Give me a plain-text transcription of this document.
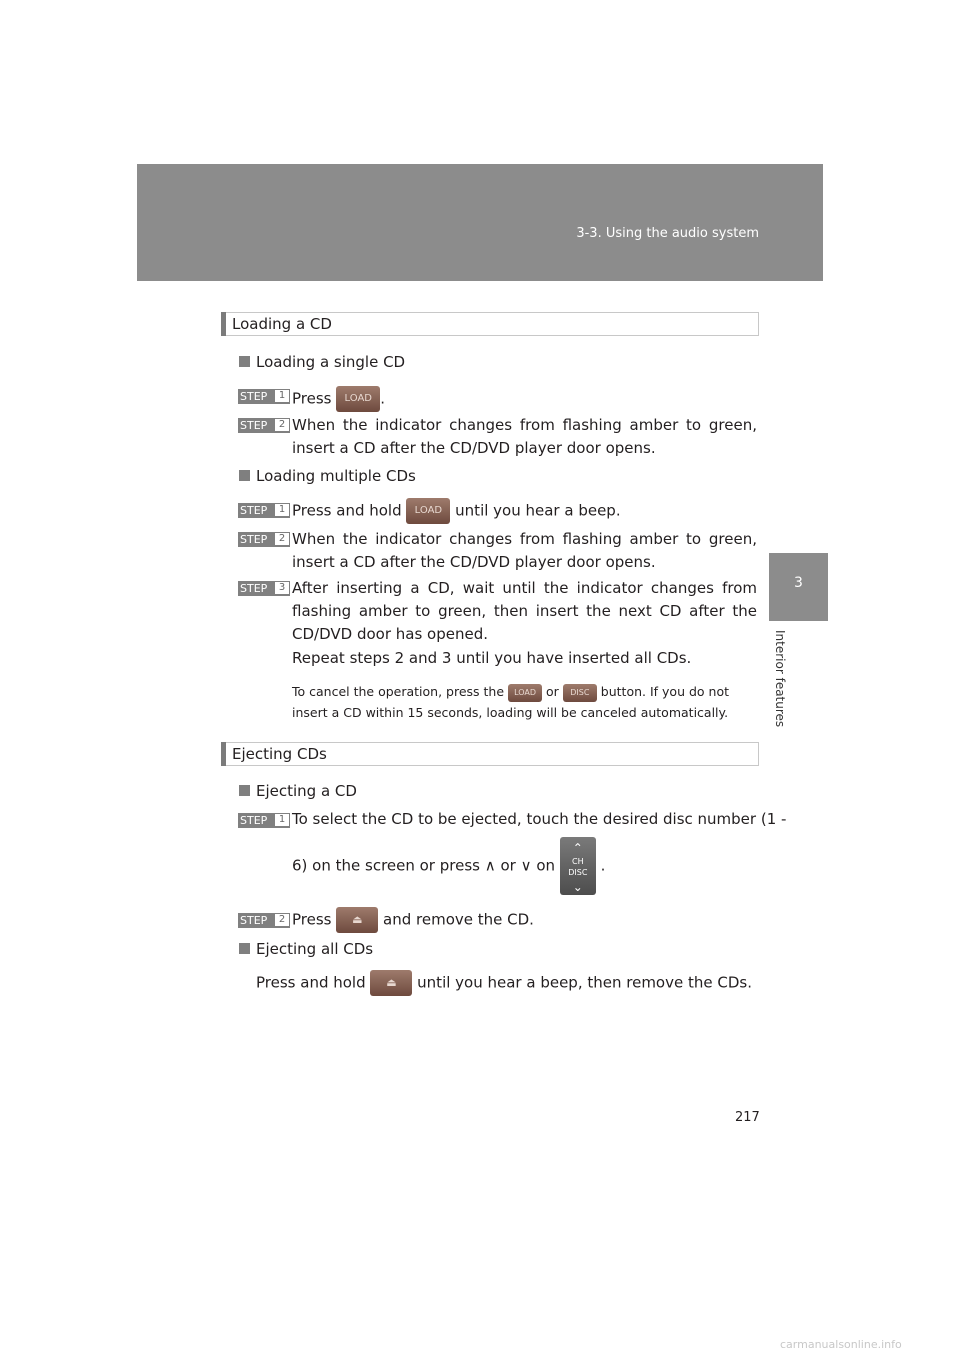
3-3. Using the audio system
3
Interior features
Loading a CD
Loading a single CD
STEP	1 Press LOAD .
STEP	2 When the indicator changes from flashing amber to green, insert a CD after the CD/DVD player door opens.
Loading multiple CDs
STEP	1 Press and hold LOAD until you hear a beep.
STEP	2 When the indicator changes from flashing amber to green, insert a CD after the CD/DVD player door opens.
STEP	3 After inserting a CD, wait until the indicator changes from flashing amber to green, then insert the next CD after the CD/DVD door has opened.
Repeat steps 2 and 3 until you have inserted all CDs.
To cancel the operation, press the LOAD or DISC button. If you do not insert a CD within 15 seconds, loading will be canceled automatically.
Ejecting CDs
Ejecting a CD
STEP	1 To select the CD to be ejected, touch the desired disc number (1 -
6) on the screen or press ∧ or ∨ on
⌃
CH
DISC
⌄
.
STEP	2 Press ⏏ and remove the CD.
Ejecting all CDs
Press and hold ⏏ until you hear a beep, then remove the CDs.
217
carmanualsonline.info
